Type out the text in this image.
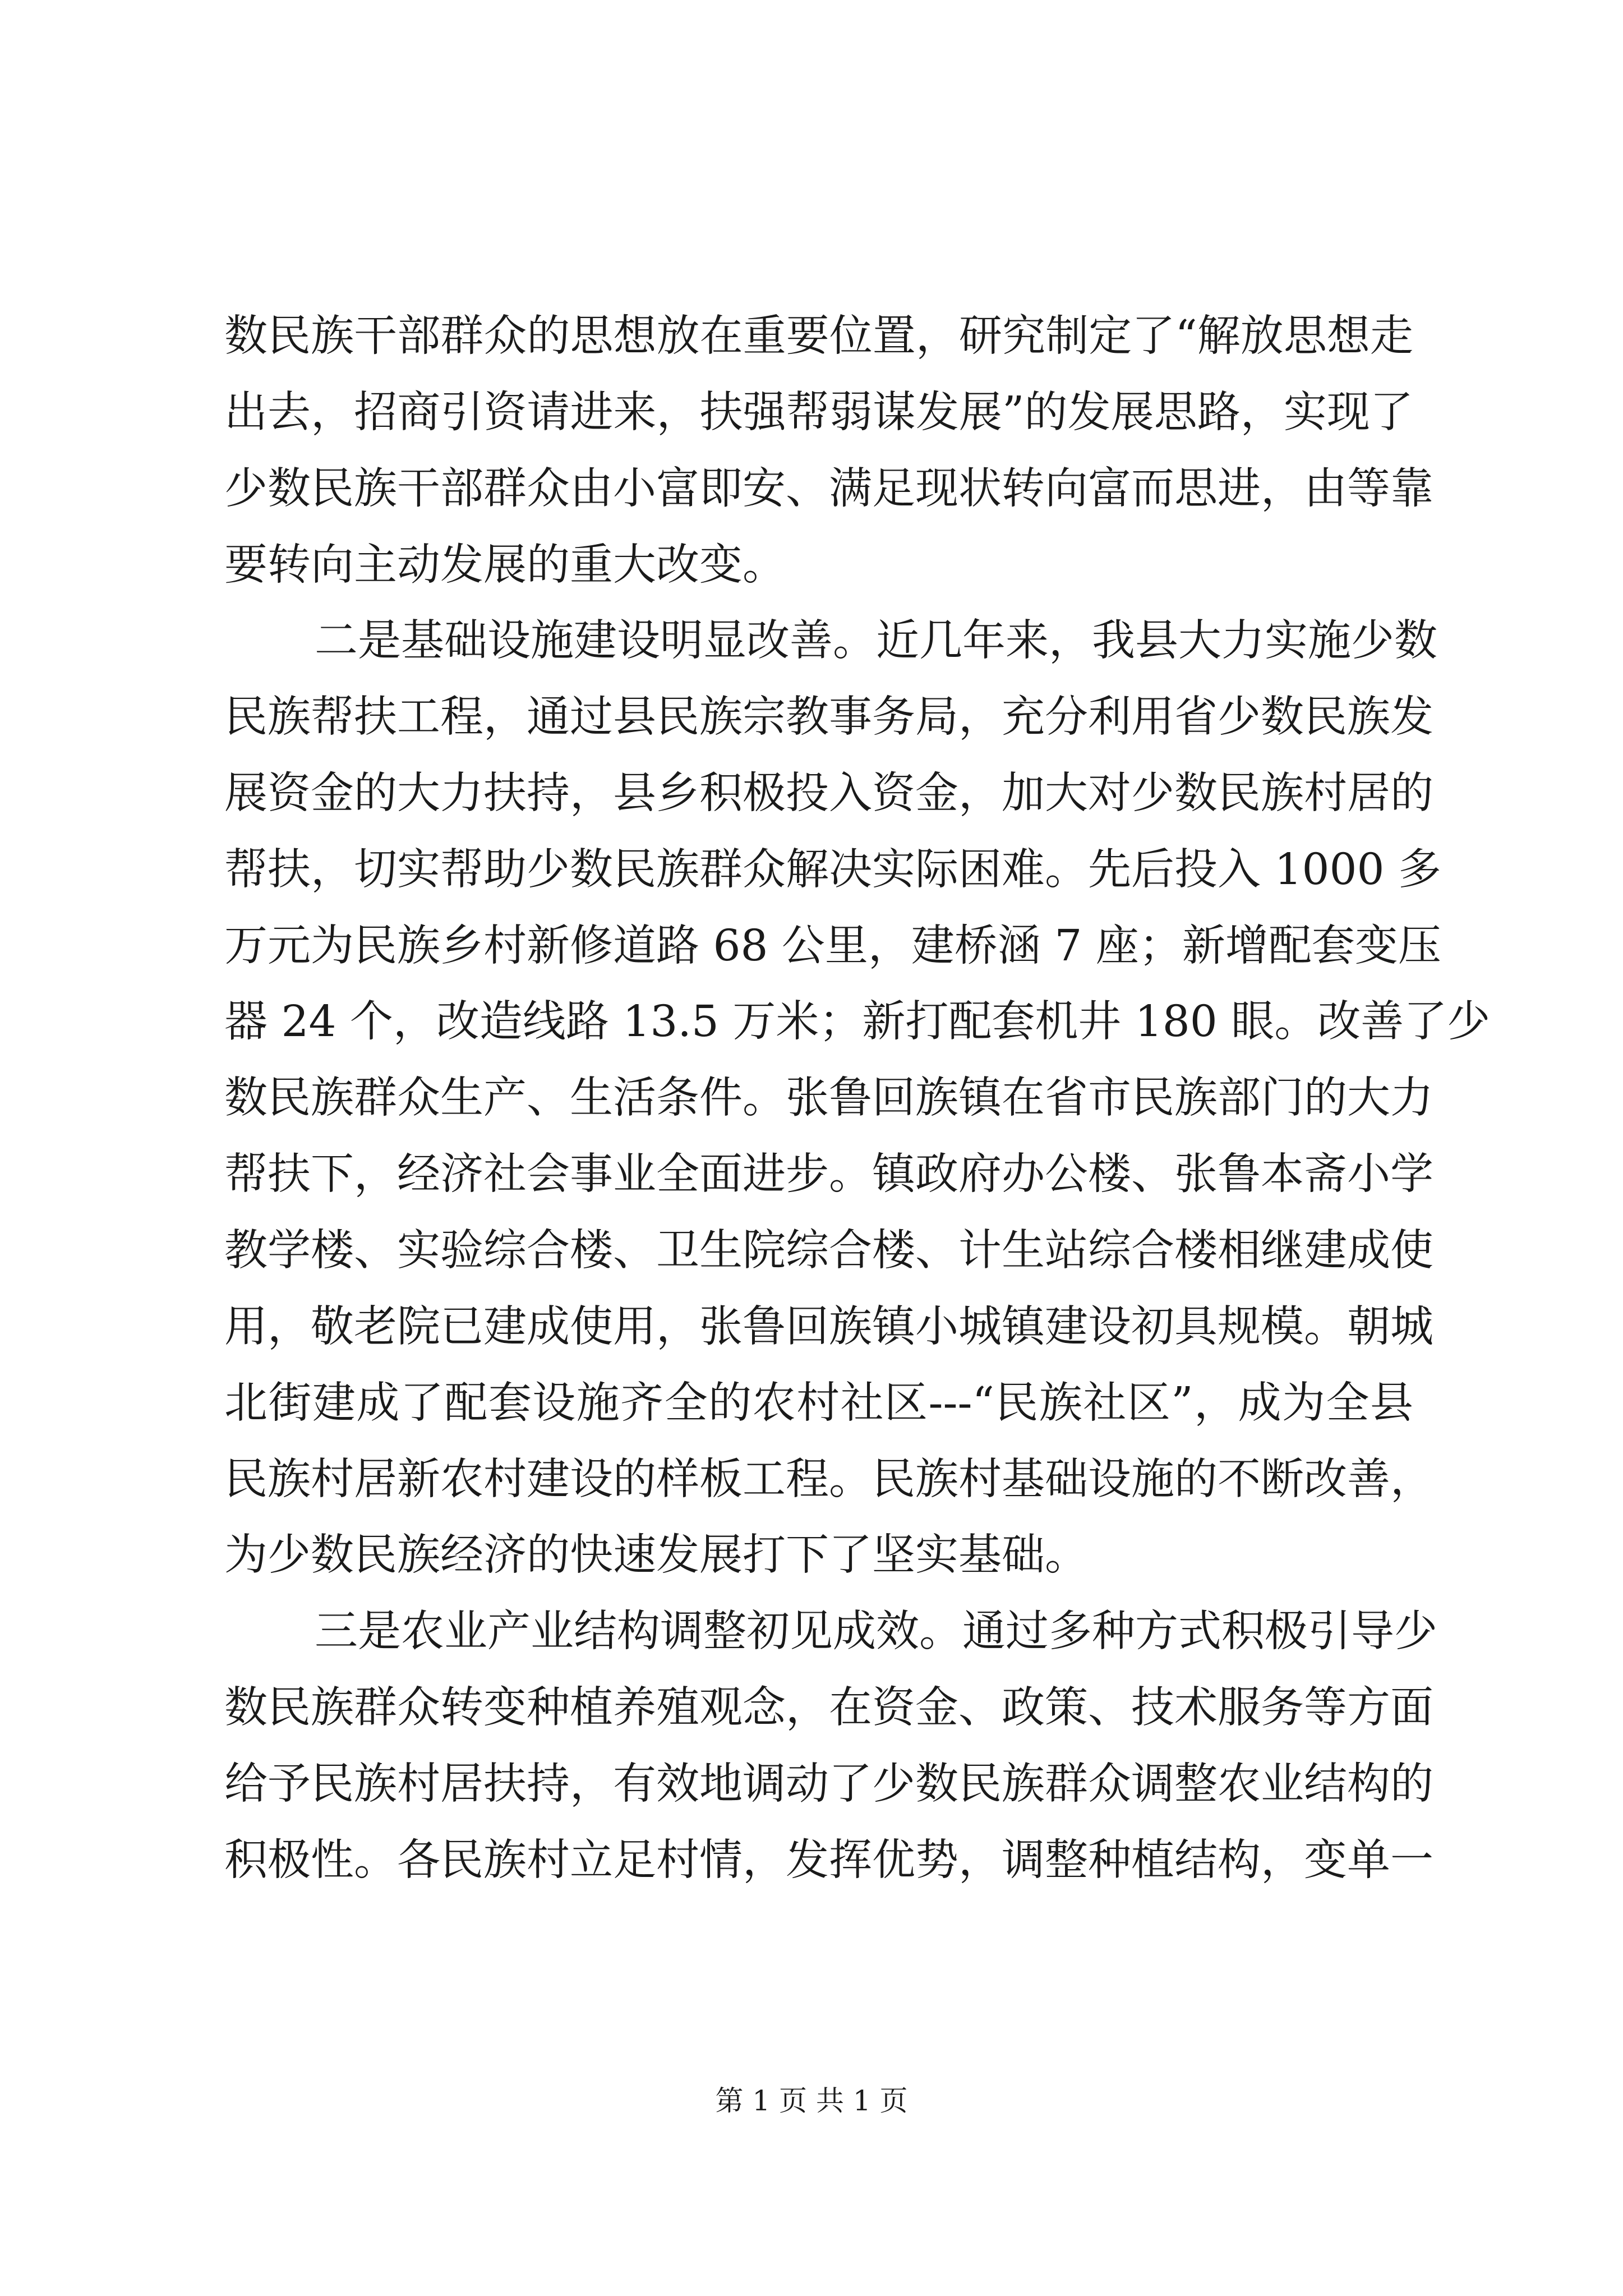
数民族干部群众的思想放在重要位置，研究制定了“解放思想走
出去，招商引资请进来，扶强帮弱谋发展”的发展思路，实现了
少数民族干部群众由小富即安、满足现状转向富而思进，由等靠
要转向主动发展的重大改变。
二是基础设施建设明显改善。近几年来，我县大力实施少数
民族帮扶工程，通过县民族宗教事务局，充分利用省少数民族发
展资金的大力扶持，县乡积极投入资金，加大对少数民族村居的
帮扶，切实帮助少数民族群众解决实际困难。先后投入 1000 多
万元为民族乡村新修道路 68 公里，建桥涵 7 座；新增配套变压
器 24 个，改造线路 13.5 万米；新打配套机井 180 眼。改善了少
数民族群众生产、生活条件。张鲁回族镇在省市民族部门的大力
帮扶下，经济社会事业全面进步。镇政府办公楼、张鲁本斋小学
教学楼、实验综合楼、卫生院综合楼、计生站综合楼相继建成使
用，敬老院已建成使用，张鲁回族镇小城镇建设初具规模。朝城
北街建成了配套设施齐全的农村社区---“民族社区”，成为全县
民族村居新农村建设的样板工程。民族村基础设施的不断改善，
为少数民族经济的快速发展打下了坚实基础。
三是农业产业结构调整初见成效。通过多种方式积极引导少
数民族群众转变种植养殖观念，在资金、政策、技术服务等方面
给予民族村居扶持，有效地调动了少数民族群众调整农业结构的
积极性。各民族村立足村情，发挥优势，调整种植结构，变单一
第 1 页 共 1 页
